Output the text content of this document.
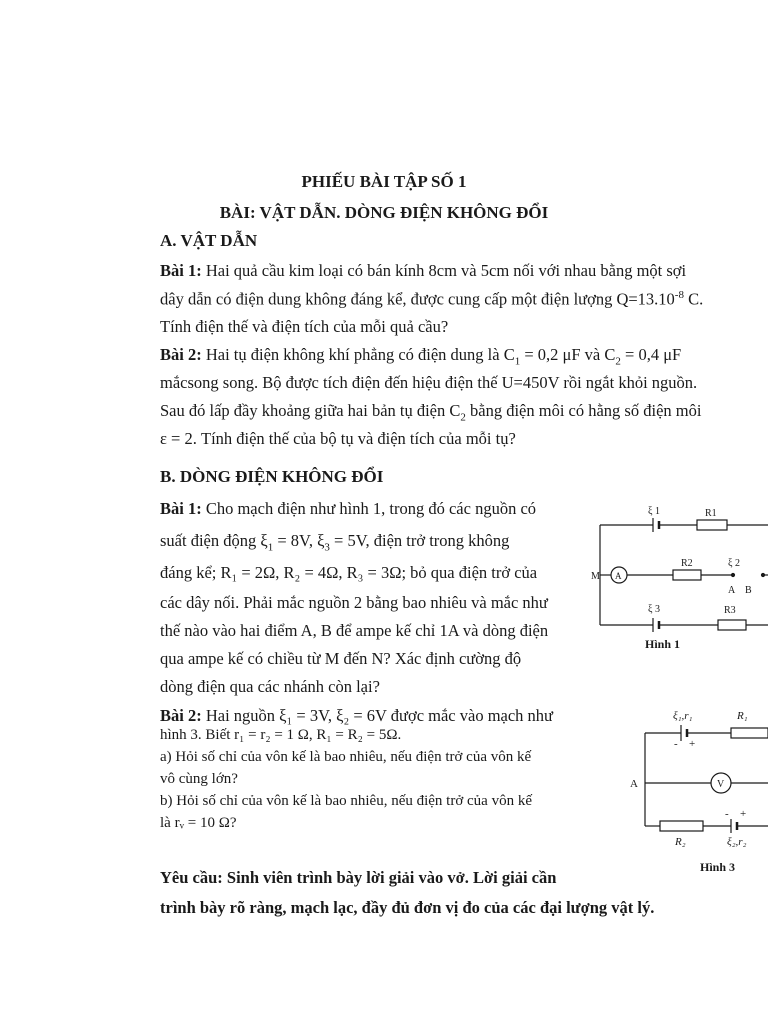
PHIẾU BÀI TẬP SỐ 1
BÀI: VẬT DẪN. DÒNG ĐIỆN KHÔNG ĐỔI
A. VẬT DẪN
Bài 1: Hai quả cầu kim loại có bán kính 8cm và 5cm nối với nhau bằng một sợi
dây dẫn có điện dung không đáng kể, được cung cấp một điện lượng $Q=13.10^{-8}$ C.
Tính điện thế và điện tích của mỗi quả cầu?
Bài 2: Hai tụ điện không khí phẳng có điện dung là $C_1 = 0,2$ μF và $C_2 = 0,4$ μF
mắcsong song. Bộ được tích điện đến hiệu điện thế U=450V rồi ngắt khỏi nguồn.
Sau đó lấp đầy khoảng giữa hai bản tụ điện $C_2$ bằng điện môi có hằng số điện môi
ε = 2. Tính điện thế của bộ tụ và điện tích của mỗi tụ?
B. DÒNG ĐIỆN KHÔNG ĐỔI
Bài 1: Cho mạch điện như hình 1, trong đó các nguồn có
suất điện động $\xi_1 = 8V$, $\xi_3 = 5V$, điện trở trong không
đáng kể; R₁ = 2Ω, R₂ = 4Ω, R₃ = 3Ω; bỏ qua điện trở của
các dây nối. Phải mắc nguồn 2 bằng bao nhiêu và mắc như
thế nào vào hai điểm A, B để ampe kế chỉ 1A và dòng điện
qua ampe kế có chiều từ M đến N? Xác định cường độ
dòng điện qua các nhánh còn lại?
Bài 2: Hai nguồn ξ₁ = 3V, ξ₂ = 6V được mắc vào mạch như
hình 3. Biết r₁ = r₂ = 1 Ω, R₁ = R₂ = 5Ω.
a) Hỏi số chỉ của vôn kế là bao nhiêu, nếu điện trở của vôn kế
vô cùng lớn?
b) Hỏi số chỉ của vôn kế là bao nhiêu, nếu điện trở của vôn kế
là rᵥ = 10 Ω?
Yêu cầu: Sinh viên trình bày lời giải vào vở. Lời giải cần
trình bày rõ ràng, mạch lạc, đầy đủ đơn vị đo của các đại lượng vật lý.
ξ 1	R1
R2	ξ 2
M A
A B
ξ 3	R3
Hình 1
ξ₁,r₁	R₁
- +
A	V
- +
R₂	ξ₂,r₂
Hình 3
